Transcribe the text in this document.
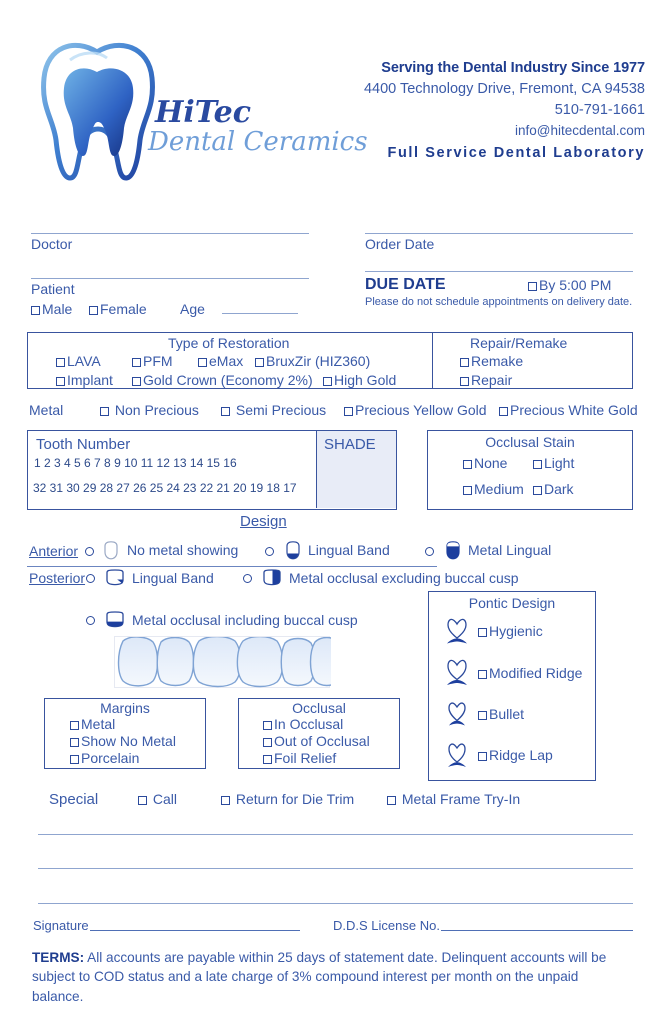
HiTec
Dental Ceramics
Serving the Dental Industry Since 1977
4400 Technology Drive, Fremont, CA 94538
510-791-1661
info@hitecdental.com
Full Service Dental Laboratory
Doctor	Order Date
Patient
Male	Female Age
DUE DATE	By 5:00 PM
Please do not schedule appointments on delivery date.
Type of Restoration
LAVA	PFM	eMax	BruxZir (HIZ360)
Implant	Gold Crown (Economy 2%)	High Gold
Repair/Remake
Remake
Repair
Metal	Non Precious	Semi Precious	Precious Yellow Gold	Precious White Gold
Tooth Number	SHADE
1 2 3 4 5 6 7 8 9 10 11 12 13 14 15 16
32 31 30 29 28 27 26 25 24 23 22 21 20 19 18 17
Occlusal Stain
None	Light
Medium	Dark
Design
Anterior	No metal showing	Lingual Band	Metal Lingual
Posterior	Lingual Band	Metal occlusal excluding buccal cusp
Metal occlusal including buccal cusp
Pontic Design
Hygienic
Modified Ridge
Bullet
Ridge Lap
Margins
Metal
Show No Metal
Porcelain
Occlusal
In Occlusal
Out of Occlusal
Foil Relief
Special	Call	Return for Die Trim	Metal Frame Try-In
Signature	D.D.S License No.
TERMS: All accounts are payable within 25 days of statement date. Delinquent accounts will be subject to COD status and a late charge of 3% compound interest per month on the unpaid balance.
